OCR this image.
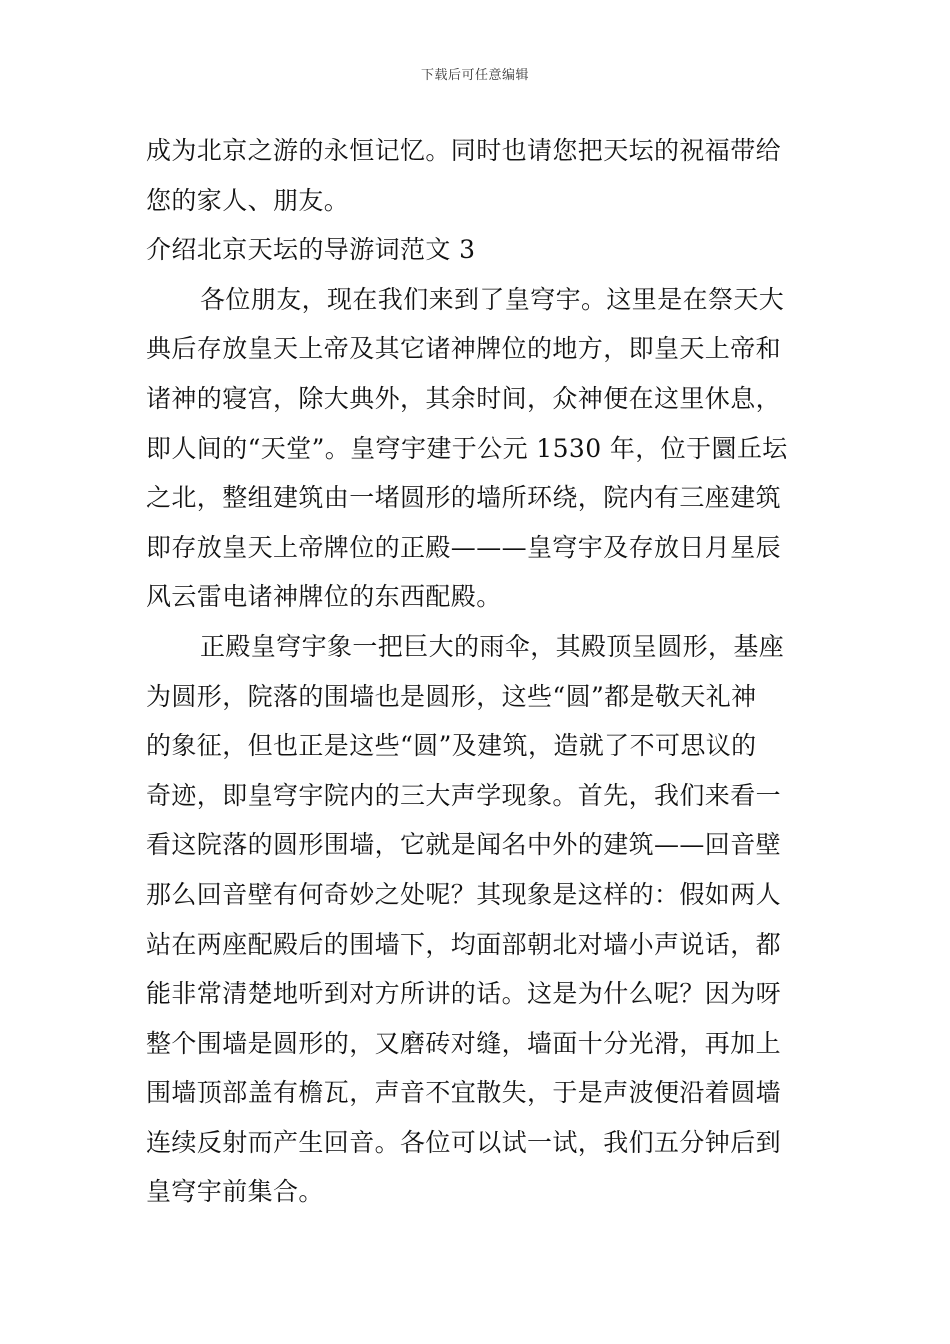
下载后可任意编辑
成为北京之游的永恒记忆。同时也请您把天坛的祝福带给
您的家人、朋友。
介绍北京天坛的导游词范文 3
各位朋友，现在我们来到了皇穹宇。这里是在祭天大
典后存放皇天上帝及其它诸神牌位的地方，即皇天上帝和
诸神的寝宫，除大典外，其余时间，众神便在这里休息，
即人间的“天堂”。皇穹宇建于公元 1530 年，位于圜丘坛
之北，整组建筑由一堵圆形的墙所环绕，院内有三座建筑
即存放皇天上帝牌位的正殿———皇穹宇及存放日月星辰
风云雷电诸神牌位的东西配殿。
正殿皇穹宇象一把巨大的雨伞，其殿顶呈圆形，基座
为圆形，院落的围墙也是圆形，这些“圆”都是敬天礼神
的象征，但也正是这些“圆”及建筑，造就了不可思议的
奇迹，即皇穹宇院内的三大声学现象。首先，我们来看一
看这院落的圆形围墙，它就是闻名中外的建筑——回音壁
那么回音壁有何奇妙之处呢？其现象是这样的：假如两人
站在两座配殿后的围墙下，均面部朝北对墙小声说话，都
能非常清楚地听到对方所讲的话。这是为什么呢？因为呀
整个围墙是圆形的，又磨砖对缝，墙面十分光滑，再加上
围墙顶部盖有檐瓦，声音不宜散失，于是声波便沿着圆墙
连续反射而产生回音。各位可以试一试，我们五分钟后到
皇穹宇前集合。
